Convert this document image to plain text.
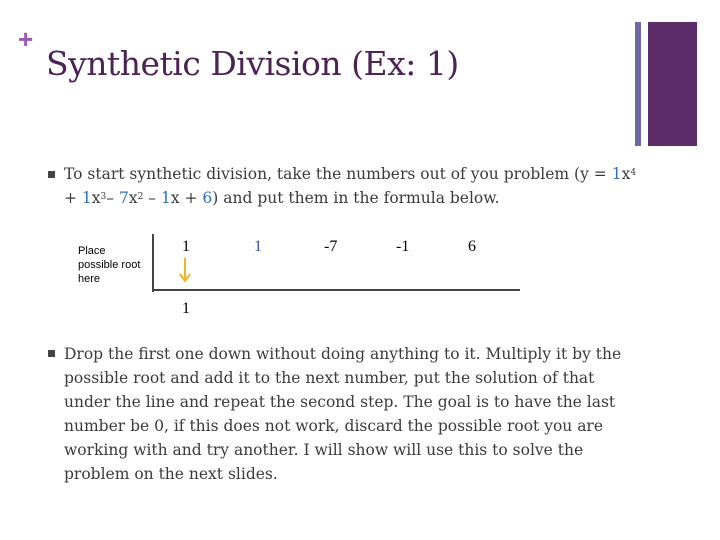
+
Synthetic Division (Ex: 1)

To start synthetic division, take the numbers out of you problem ($y = 1x^4 + 1x^3-$ $7x^2 - 1x + 6$) and put them in the formula below.

Place possible root here
1	1	-7	-1	6
1

Drop the first one down without doing anything to it. Multiply it by the possible root and add it to the next number, put the solution of that under the line and repeat the second step. The goal is to have the last number be 0, if this does not work, discard the possible root you are working with and try another. I will show will use this to solve the problem on the next slides.
